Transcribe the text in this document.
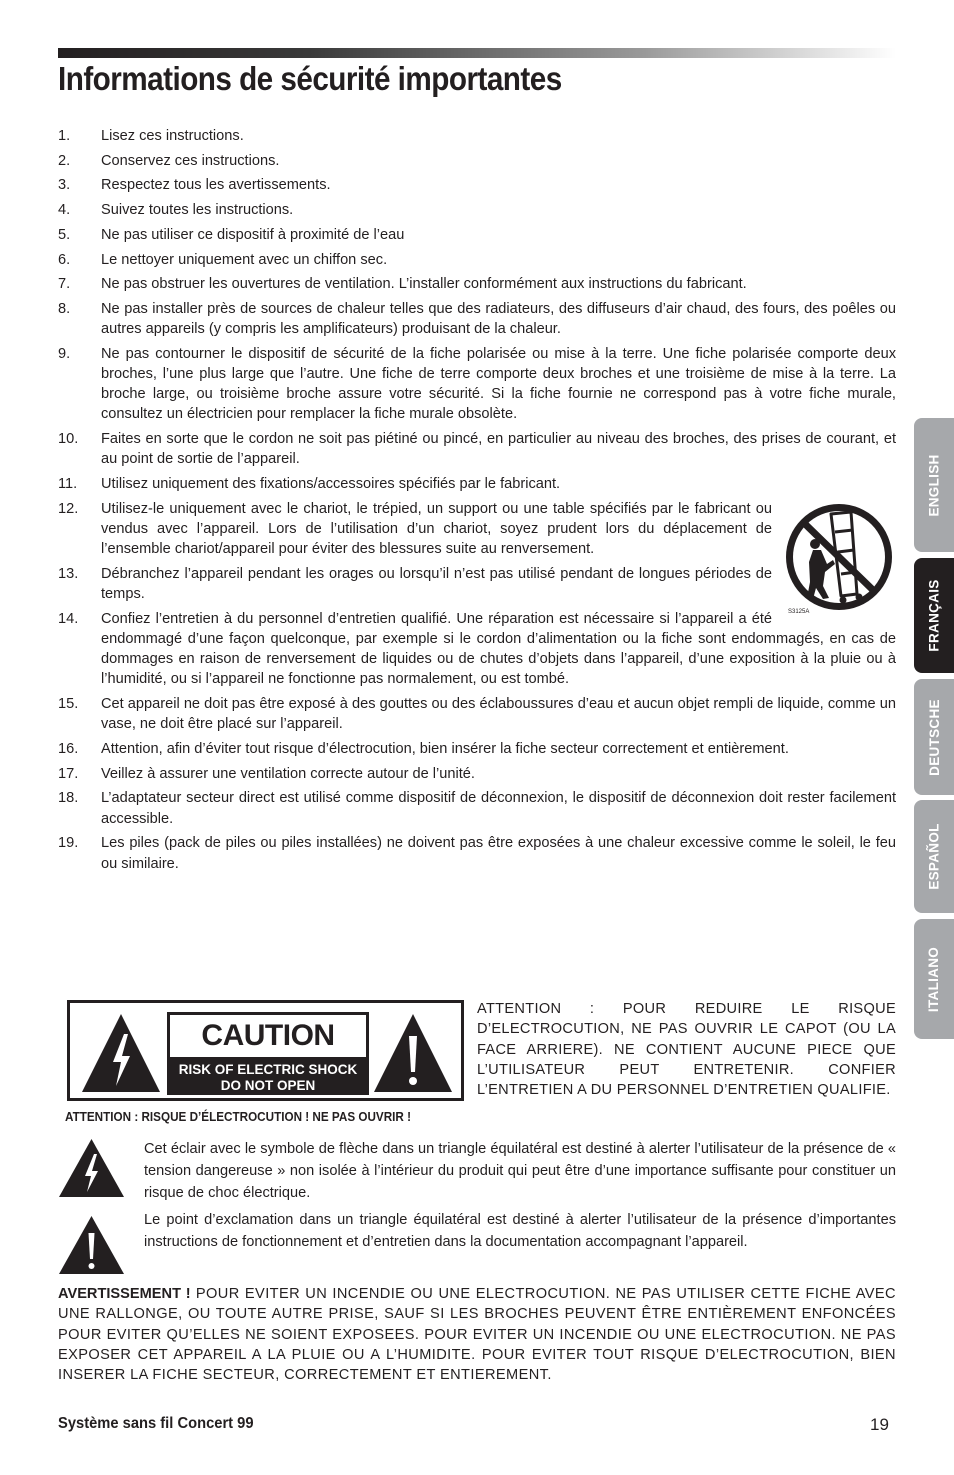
Informations de sécurité importantes
1. Lisez ces instructions.
2. Conservez ces instructions.
3. Respectez tous les avertissements.
4. Suivez toutes les instructions.
5. Ne pas utiliser ce dispositif à proximité de l’eau
6. Le nettoyer uniquement avec un chiffon sec.
7. Ne pas obstruer les ouvertures de ventilation. L’installer conformément aux instructions du fabricant.
8. Ne pas installer près de sources de chaleur telles que des radiateurs, des diffuseurs d’air chaud, des fours, des poêles ou autres appareils (y compris les amplificateurs) produisant de la chaleur.
9. Ne pas contourner le dispositif de sécurité de la fiche polarisée ou mise à la terre. Une fiche polarisée comporte deux broches, l’une plus large que l’autre. Une fiche de terre comporte deux broches et une troisième de mise à la terre. La broche large, ou troisième broche assure votre sécurité. Si la fiche fournie ne correspond pas à votre fiche murale, consultez un électricien pour remplacer la fiche murale obsolète.
10. Faites en sorte que le cordon ne soit pas piétiné ou pincé, en particulier au niveau des broches, des prises de courant, et au point de sortie de l’appareil.
11. Utilisez uniquement des fixations/accessoires spécifiés par le fabricant.
12. Utilisez-le uniquement avec le chariot, le trépied, un support ou une table spécifiés par le fabricant ou vendus avec l’appareil. Lors de l’utilisation d’un chariot, soyez prudent lors du déplacement de l’ensemble chariot/appareil pour éviter des blessures suite au renversement.
13. Débranchez l’appareil pendant les orages ou lorsqu’il n’est pas utilisé pendant de longues périodes de temps.
14. Confiez l’entretien à du personnel d’entretien qualifié. Une réparation est nécessaire si l’appareil a été endommagé d’une façon quelconque, par exemple si le cordon d’alimentation ou la fiche sont endommagés, en cas de dommages en raison de renversement de liquides ou de chutes d’objets dans l’appareil, d’une exposition à la pluie ou à l’humidité, ou si l’appareil ne fonctionne pas normalement, ou est tombé.
15. Cet appareil ne doit pas être exposé à des gouttes ou des éclaboussures d’eau et aucun objet rempli de liquide, comme un vase, ne doit être placé sur l’appareil.
16. Attention, afin d’éviter tout risque d’électrocution, bien insérer la fiche secteur correctement et entièrement.
17. Veillez à assurer une ventilation correcte autour de l’unité.
18. L’adaptateur secteur direct est utilisé comme dispositif de déconnexion, le dispositif de déconnexion doit rester facilement accessible.
19. Les piles (pack de piles ou piles installées) ne doivent pas être exposées à une chaleur excessive comme le soleil, le feu ou similaire.
S3125A
ENGLISH
FRANÇAIS
DEUTSCHE
ESPAÑOL
ITALIANO
CAUTION
RISK OF ELECTRIC SHOCK
DO NOT OPEN
ATTENTION : POUR REDUIRE LE RISQUE D’ELECTROCUTION, NE PAS OUVRIR LE CAPOT (OU LA FACE ARRIERE). NE CONTIENT AUCUNE PIECE QUE L’UTILISATEUR PEUT ENTRETENIR. CONFIER L’ENTRETIEN A DU PERSONNEL D’ENTRETIEN QUALIFIE.
ATTENTION : RISQUE D’ÉLECTROCUTION ! NE PAS OUVRIR !

Cet éclair avec le symbole de flèche dans un triangle équilatéral est destiné à alerter l’utilisateur de la présence de « tension dangereuse » non isolée à l’intérieur du produit qui peut être d’une importance suffisante pour constituer un risque de choc électrique.

Le point d’exclamation dans un triangle équilatéral est destiné à alerter l’utilisateur de la présence d’importantes instructions de fonctionnement et d’entretien dans la documentation accompagnant l’appareil.

AVERTISSEMENT ! POUR EVITER UN INCENDIE OU UNE ELECTROCUTION. NE PAS UTILISER CETTE FICHE AVEC UNE RALLONGE, OU TOUTE AUTRE PRISE, SAUF SI LES BROCHES PEUVENT ÊTRE ENTIÈREMENT ENFONCÉES POUR EVITER QU’ELLES NE SOIENT EXPOSEES. POUR EVITER UN INCENDIE OU UNE ELECTROCUTION. NE PAS EXPOSER CET APPAREIL A LA PLUIE OU A L’HUMIDITE. POUR EVITER TOUT RISQUE D’ELECTROCUTION, BIEN INSERER LA FICHE SECTEUR, CORRECTEMENT ET ENTIEREMENT.

Système sans fil Concert 99	19
